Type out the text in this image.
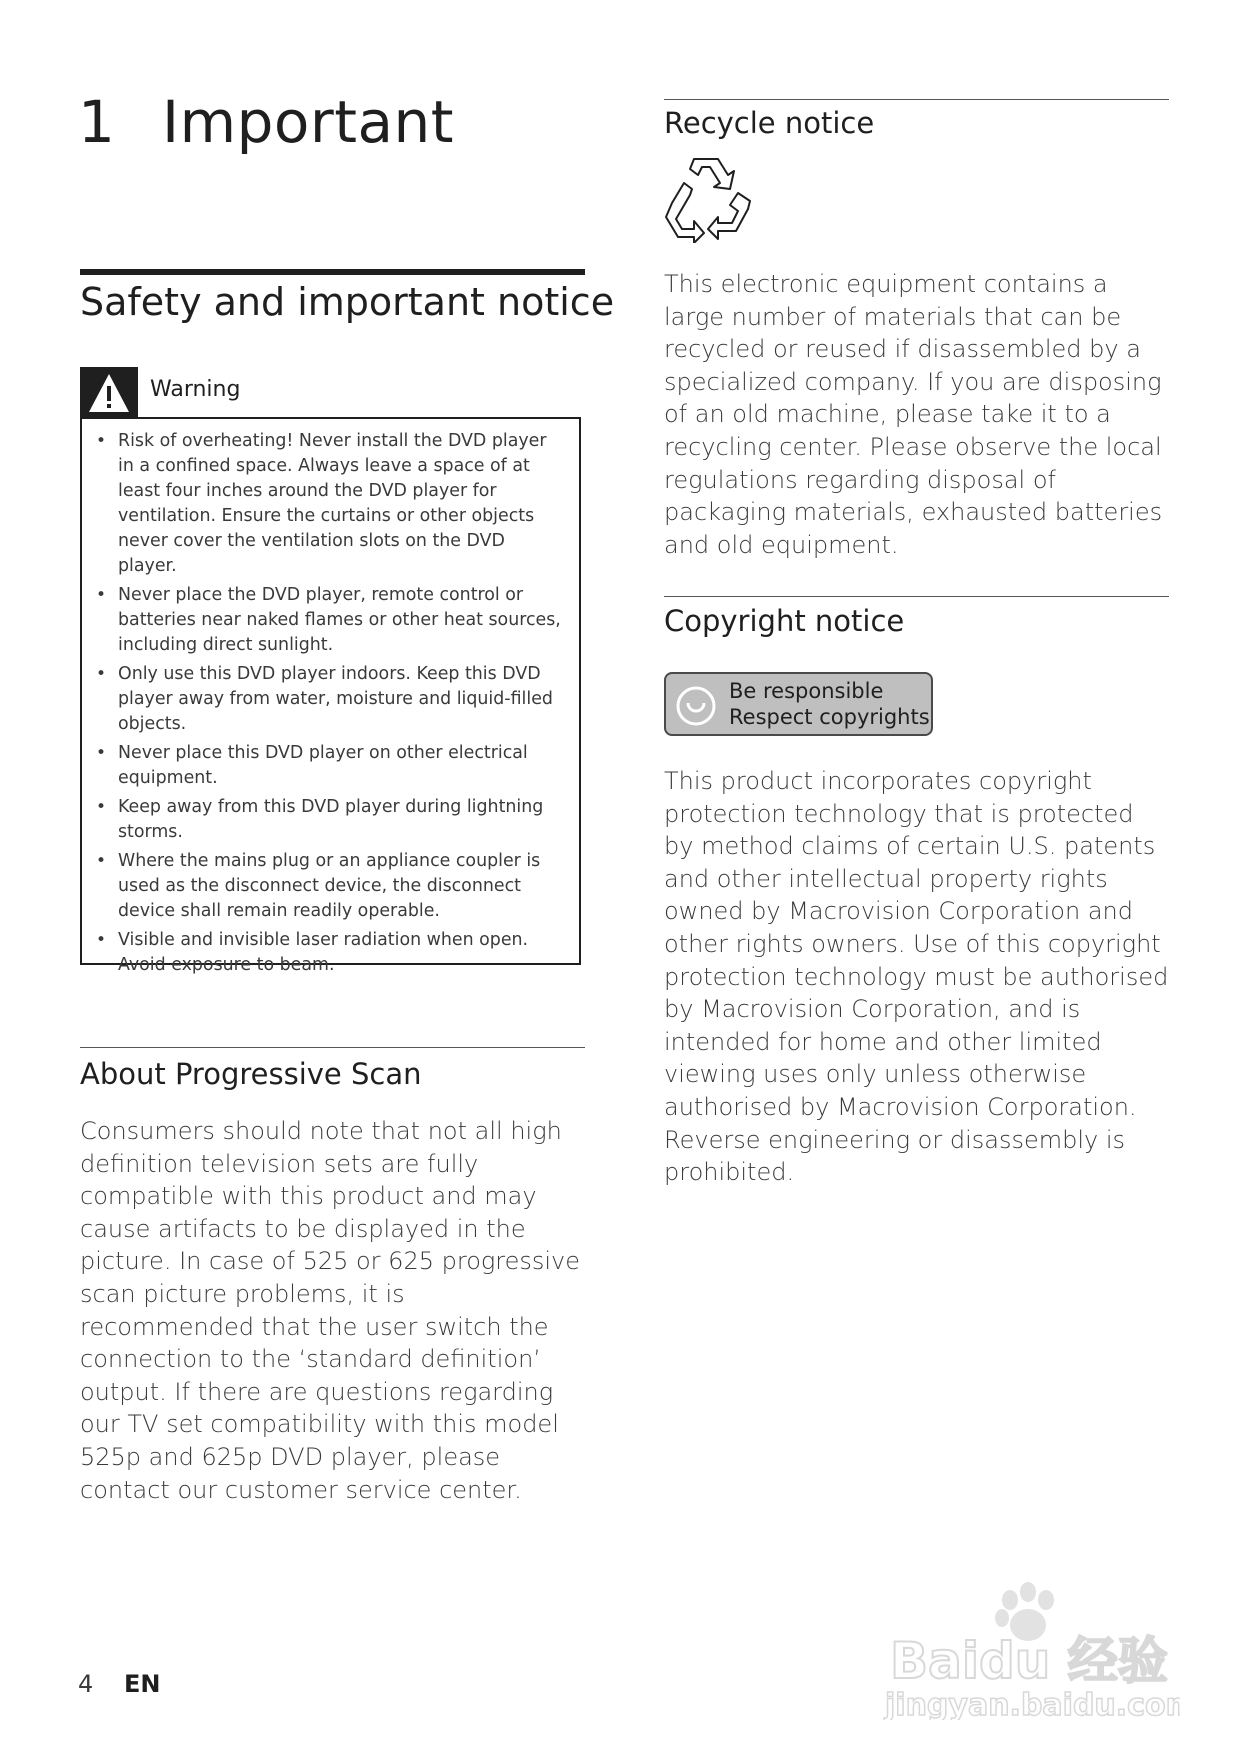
1 Important
Safety and important notice
Warning
• Risk of overheating! Never install the DVD player in a confined space. Always leave a space of at least four inches around the DVD player for ventilation. Ensure the curtains or other objects never cover the ventilation slots on the DVD player.
• Never place the DVD player, remote control or batteries near naked flames or other heat sources, including direct sunlight.
• Only use this DVD player indoors. Keep this DVD player away from water, moisture and liquid-filled objects.
• Never place this DVD player on other electrical equipment.
• Keep away from this DVD player during lightning storms.
• Where the mains plug or an appliance coupler is used as the disconnect device, the disconnect device shall remain readily operable.
• Visible and invisible laser radiation when open. Avoid exposure to beam.
About Progressive Scan
Consumers should note that not all high definition television sets are fully compatible with this product and may cause artifacts to be displayed in the picture. In case of 525 or 625 progressive scan picture problems, it is recommended that the user switch the connection to the ‘standard definition’ output. If there are questions regarding our TV set compatibility with this model 525p and 625p DVD player, please contact our customer service center.
Recycle notice
This electronic equipment contains a large number of materials that can be recycled or reused if disassembled by a specialized company. If you are disposing of an old machine, please take it to a recycling center. Please observe the local regulations regarding disposal of packaging materials, exhausted batteries and old equipment.
Copyright notice
Be responsible
Respect copyrights
This product incorporates copyright protection technology that is protected by method claims of certain U.S. patents and other intellectual property rights owned by Macrovision Corporation and other rights owners. Use of this copyright protection technology must be authorised by Macrovision Corporation, and is intended for home and other limited viewing uses only unless otherwise authorised by Macrovision Corporation. Reverse engineering or disassembly is prohibited.
4 EN	Baidu 经验
jingyan.baidu.com
